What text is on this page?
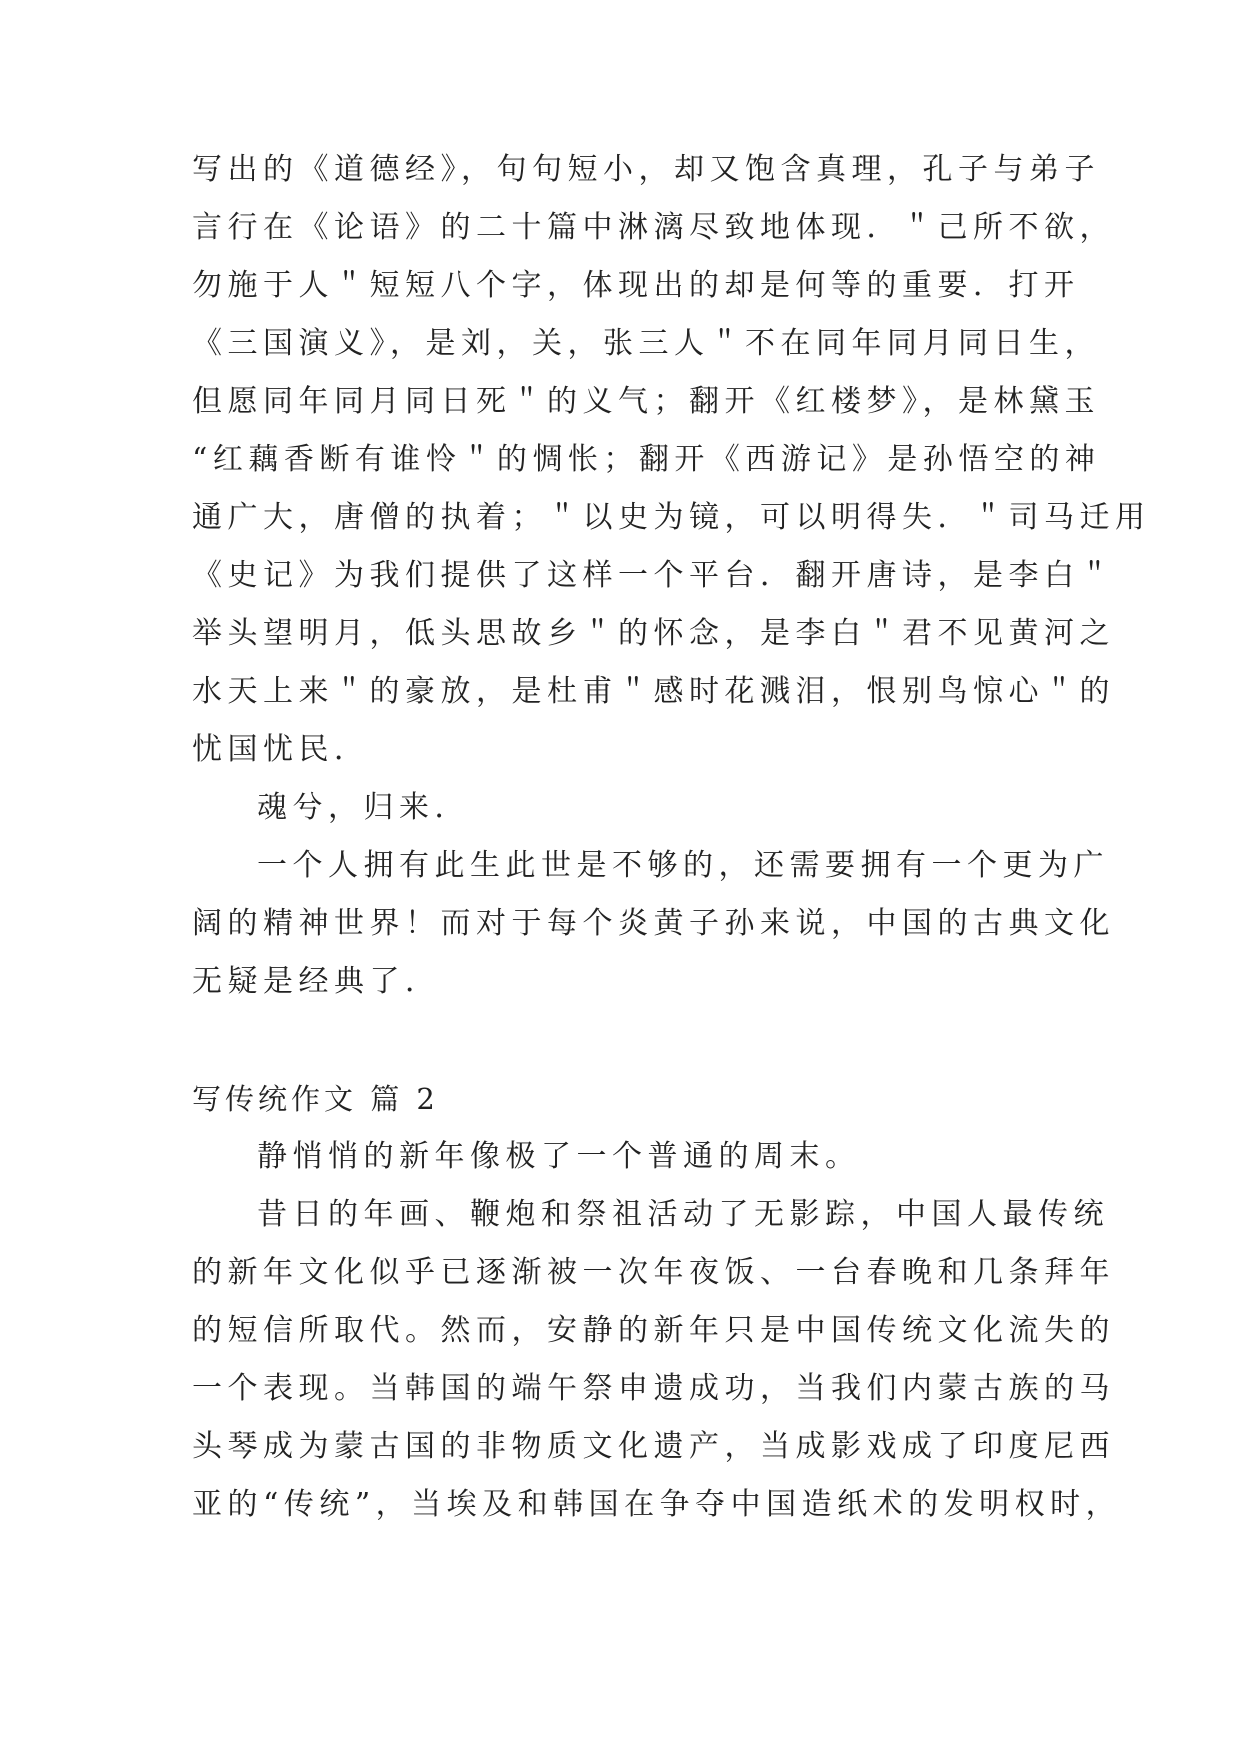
写出的《道德经》，句句短小，却又饱含真理，孔子与弟子
言行在《论语》的二十篇中淋漓尽致地体现．＂己所不欲，
勿施于人＂短短八个字，体现出的却是何等的重要．打开
《三国演义》，是刘，关，张三人＂不在同年同月同日生，
但愿同年同月同日死＂的义气；翻开《红楼梦》，是林黛玉
“红藕香断有谁怜＂的惆怅；翻开《西游记》是孙悟空的神
通广大，唐僧的执着；＂以史为镜，可以明得失．＂司马迁用
《史记》为我们提供了这样一个平台．翻开唐诗，是李白＂
举头望明月，低头思故乡＂的怀念，是李白＂君不见黄河之
水天上来＂的豪放，是杜甫＂感时花溅泪，恨别鸟惊心＂的
忧国忧民．
魂兮，归来．
一个人拥有此生此世是不够的，还需要拥有一个更为广
阔的精神世界！而对于每个炎黄子孙来说，中国的古典文化
无疑是经典了．
写传统作文 篇 2
静悄悄的新年像极了一个普通的周末。
昔日的年画、鞭炮和祭祖活动了无影踪，中国人最传统
的新年文化似乎已逐渐被一次年夜饭、一台春晚和几条拜年
的短信所取代。然而，安静的新年只是中国传统文化流失的
一个表现。当韩国的端午祭申遗成功，当我们内蒙古族的马
头琴成为蒙古国的非物质文化遗产，当成影戏成了印度尼西
亚的“传统”，当埃及和韩国在争夺中国造纸术的发明权时，
